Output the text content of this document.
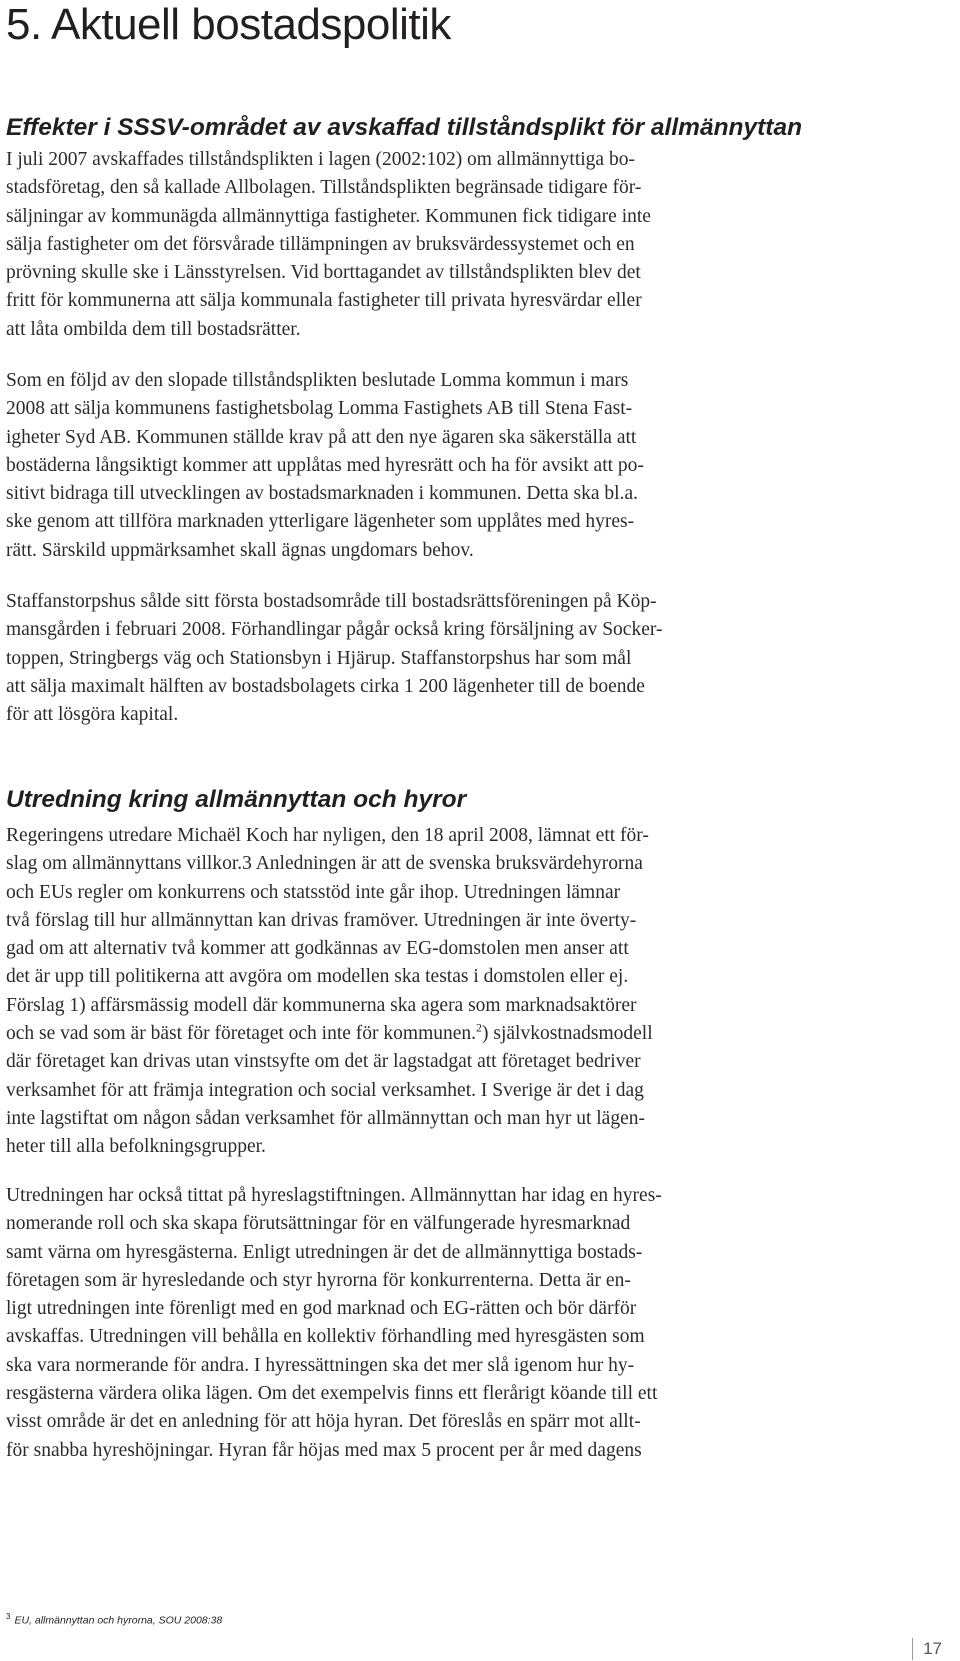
5. Aktuell bostadspolitik
Effekter i SSSV-området av avskaffad tillståndsplikt för allmännyttan
I juli 2007 avskaffades tillståndsplikten i lagen (2002:102) om allmännyttiga bo-
stadsföretag, den så kallade Allbolagen. Tillståndsplikten begränsade tidigare för-
säljningar av kommunägda allmännyttiga fastigheter. Kommunen fick tidigare inte
sälja fastigheter om det försvårade tillämpningen av bruksvärdessystemet och en
prövning skulle ske i Länsstyrelsen. Vid borttagandet av tillståndsplikten blev det
fritt för kommunerna att sälja kommunala fastigheter till privata hyresvärdar eller
att låta ombilda dem till bostadsrätter.
Som en följd av den slopade tillståndsplikten beslutade Lomma kommun i mars
2008 att sälja kommunens fastighetsbolag Lomma Fastighets AB till Stena Fast-
igheter Syd AB. Kommunen ställde krav på att den nye ägaren ska säkerställa att
bostäderna långsiktigt kommer att upplåtas med hyresrätt och ha för avsikt att po-
sitivt bidraga till utvecklingen av bostadsmarknaden i kommunen. Detta ska bl.a.
ske genom att tillföra marknaden ytterligare lägenheter som upplåtes med hyres-
rätt. Särskild uppmärksamhet skall ägnas ungdomars behov.
Staffanstorpshus sålde sitt första bostadsområde till bostadsrättsföreningen på Köp-
mansgården i februari 2008. Förhandlingar pågår också kring försäljning av Socker-
toppen, Stringbergs väg och Stationsbyn i Hjärup. Staffanstorpshus har som mål
att sälja maximalt hälften av bostadsbolagets cirka 1 200 lägenheter till de boende
för att lösgöra kapital.
Utredning kring allmännyttan och hyror
Regeringens utredare Michaël Koch har nyligen, den 18 april 2008, lämnat ett för-
slag om allmännyttans villkor.3 Anledningen är att de svenska bruksvärdehyrorna
och EUs regler om konkurrens och statsstöd inte går ihop. Utredningen lämnar
två förslag till hur allmännyttan kan drivas framöver. Utredningen är inte överty-
gad om att alternativ två kommer att godkännas av EG-domstolen men anser att
det är upp till politikerna att avgöra om modellen ska testas i domstolen eller ej.
Förslag 1) affärsmässig modell där kommunerna ska agera som marknadsaktörer
och se vad som är bäst för företaget och inte för kommunen.$^2$) självkostnadsmodell
där företaget kan drivas utan vinstsyfte om det är lagstadgat att företaget bedriver
verksamhet för att främja integration och social verksamhet. I Sverige är det i dag
inte lagstiftat om någon sådan verksamhet för allmännyttan och man hyr ut lägen-
heter till alla befolkningsgrupper.
Utredningen har också tittat på hyreslagstiftningen. Allmännyttan har idag en hyres-
nomerande roll och ska skapa förutsättningar för en välfungerade hyresmarknad
samt värna om hyresgästerna. Enligt utredningen är det de allmännyttiga bostads-
företagen som är hyresledande och styr hyrorna för konkurrenterna. Detta är en-
ligt utredningen inte förenligt med en god marknad och EG-rätten och bör därför
avskaffas. Utredningen vill behålla en kollektiv förhandling med hyresgästen som
ska vara normerande för andra. I hyressättningen ska det mer slå igenom hur hy-
resgästerna värdera olika lägen. Om det exempelvis finns ett flerårigt köande till ett
visst område är det en anledning för att höja hyran. Det föreslås en spärr mot allt-
för snabba hyreshöjningar. Hyran får höjas med max 5 procent per år med dagens
$^3$ EU, allmännyttan och hyrorna, SOU 2008:38
17
